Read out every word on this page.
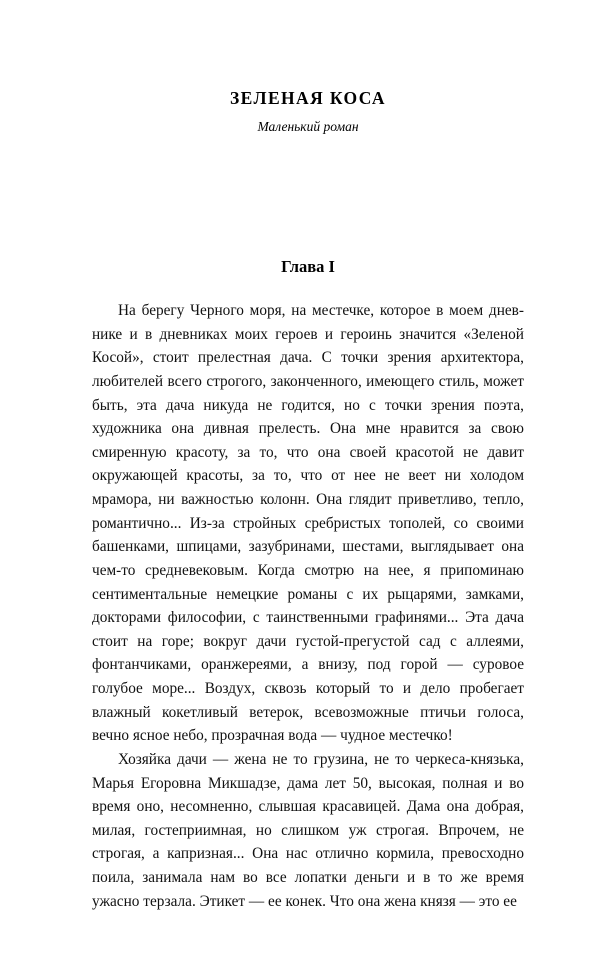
ЗЕЛЕНАЯ КОСА
Маленький роман
Глава I

На берегу Черного моря, на местечке, которое в моем дневнике и в дневниках моих героев и героинь значится «Зеленой Косой», стоит прелестная дача. С точки зрения архитектора, любителей всего строгого, законченного, имеющего стиль, может быть, эта дача никуда не годится, но с точки зрения поэта, художника она дивная прелесть. Она мне нравится за свою смиренную красоту, за то, что она своей красотой не давит окружающей красоты, за то, что от нее не веет ни холодом мрамора, ни важностью колонн. Она глядит приветливо, тепло, романтично... Из-за стройных сребристых тополей, со своими башенками, шпицами, зазубринами, шестами, выглядывает она чем-то средневековым. Когда смотрю на нее, я припоминаю сентиментальные немецкие романы с их рыцарями, замками, докторами философии, с таинственными графинями... Эта дача стоит на горе; вокруг дачи густой-прегустой сад с аллеями, фонтанчиками, оранжереями, а внизу, под горой — суровое голубое море... Воздух, сквозь который то и дело пробегает влажный кокетливый ветерок, всевозможные птичьи голоса, вечно ясное небо, прозрачная вода — чудное местечко!

Хозяйка дачи — жена не то грузина, не то черкеса-князька, Марья Егоровна Микшадзе, дама лет 50, высокая, полная и во время оно, несомненно, слывшая красавицей. Дама она добрая, милая, гостеприимная, но слишком уж строгая. Впрочем, не строгая, а капризная... Она нас отлично кормила, превосходно поила, занимала нам во все лопатки деньги и в то же время ужасно терзала. Этикет — ее конек. Что она жена князя — это ее
